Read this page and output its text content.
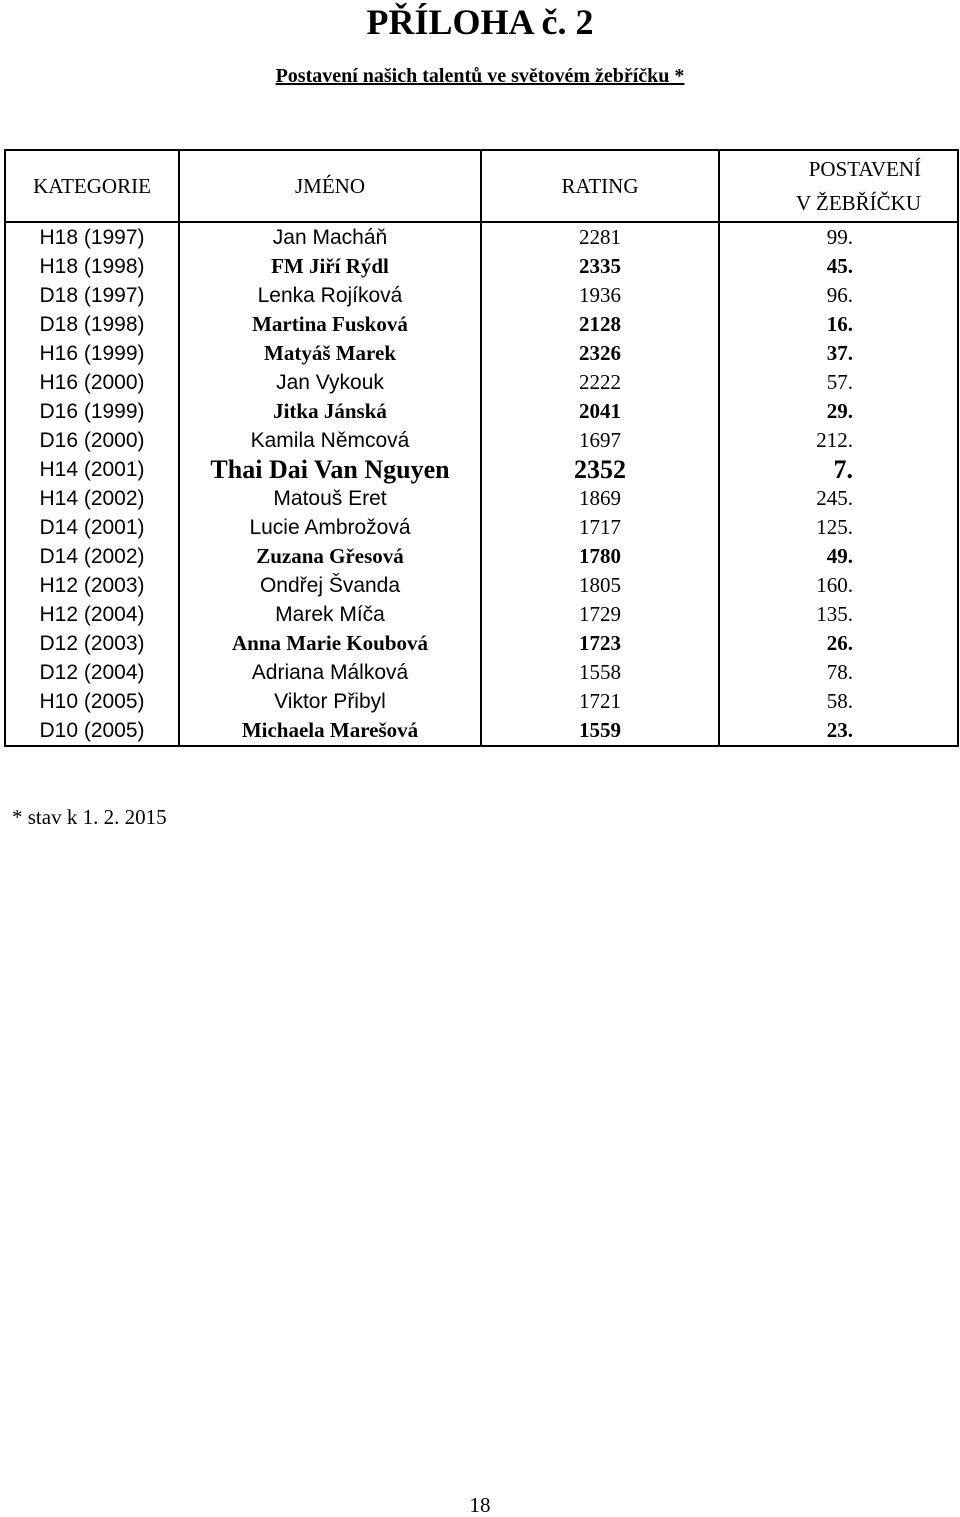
PŘÍLOHA č. 2
Postavení našich talentů ve světovém žebříčku *
KATEGORIE	JMÉNO	RATING	POSTAVENÍ
V ŽEBŘÍČKU

H18 (1997)	Jan Macháň	2281	99.
H18 (1998)	FM Jiří Rýdl	2335	45.
D18 (1997)	Lenka Rojíková	1936	96.
D18 (1998)	Martina Fusková	2128	16.
H16 (1999)	Matyáš Marek	2326	37.
H16 (2000)	Jan Vykouk	2222	57.
D16 (1999)	Jitka Jánská	2041	29.
D16 (2000)	Kamila Němcová	1697	212.
H14 (2001)	Thai Dai Van Nguyen	2352	7.
H14 (2002)	Matouš Eret	1869	245.
D14 (2001)	Lucie Ambrožová	1717	125.
D14 (2002)	Zuzana Gřesová	1780	49.
H12 (2003)	Ondřej Švanda	1805	160.
H12 (2004)	Marek Míča	1729	135.
D12 (2003)	Anna Marie Koubová	1723	26.
D12 (2004)	Adriana Málková	1558	78.
H10 (2005)	Viktor Přibyl	1721	58.
D10 (2005)	Michaela Marešová	1559	23.
* stav k 1. 2. 2015
18
